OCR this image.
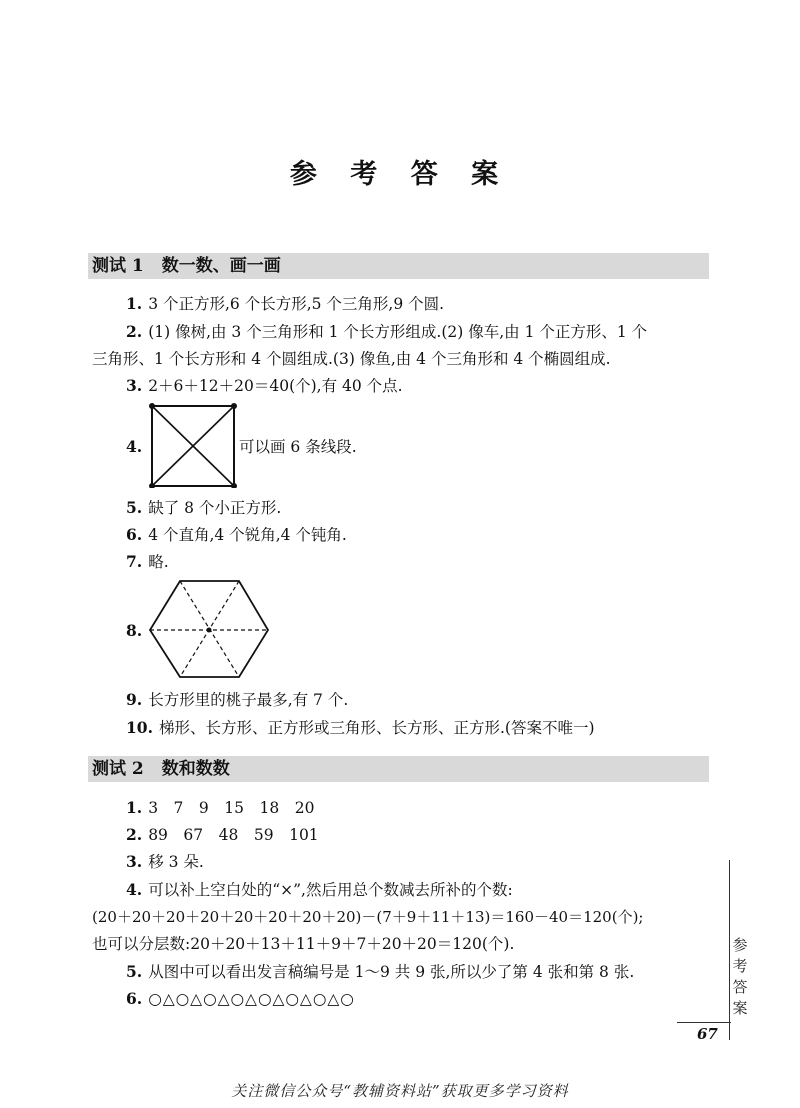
参 考 答 案
测试 1 数一数、画一画
1. 3 个正方形,6 个长方形,5 个三角形,9 个圆.
2. (1) 像树,由 3 个三角形和 1 个长方形组成.(2) 像车,由 1 个正方形、1 个
三角形、1 个长方形和 4 个圆组成.(3) 像鱼,由 4 个三角形和 4 个椭圆组成.
3. 2＋6＋12＋20＝40(个),有 40 个点.
4.	可以画 6 条线段.
5. 缺了 8 个小正方形.
6. 4 个直角,4 个锐角,4 个钝角.
7. 略.
8.
9. 长方形里的桃子最多,有 7 个.
10. 梯形、长方形、正方形或三角形、长方形、正方形.(答案不唯一)
测试 2 数和数数
1. 3　7　9　15　18　20
2. 89　67　48　59　101
3. 移 3 朵.
4. 可以补上空白处的“×”,然后用总个数减去所补的个数:
(20＋20＋20＋20＋20＋20＋20＋20)－(7＋9＋11＋13)＝160－40＝120(个);
也可以分层数:20＋20＋13＋11＋9＋7＋20＋20＝120(个).
5. 从图中可以看出发言稿编号是 1～9 共 9 张,所以少了第 4 张和第 8 张.
6. ○△○△○△○△○△○△○△○
参 考 答 案
67
关注微信公众号“教辅资料站”获取更多学习资料
